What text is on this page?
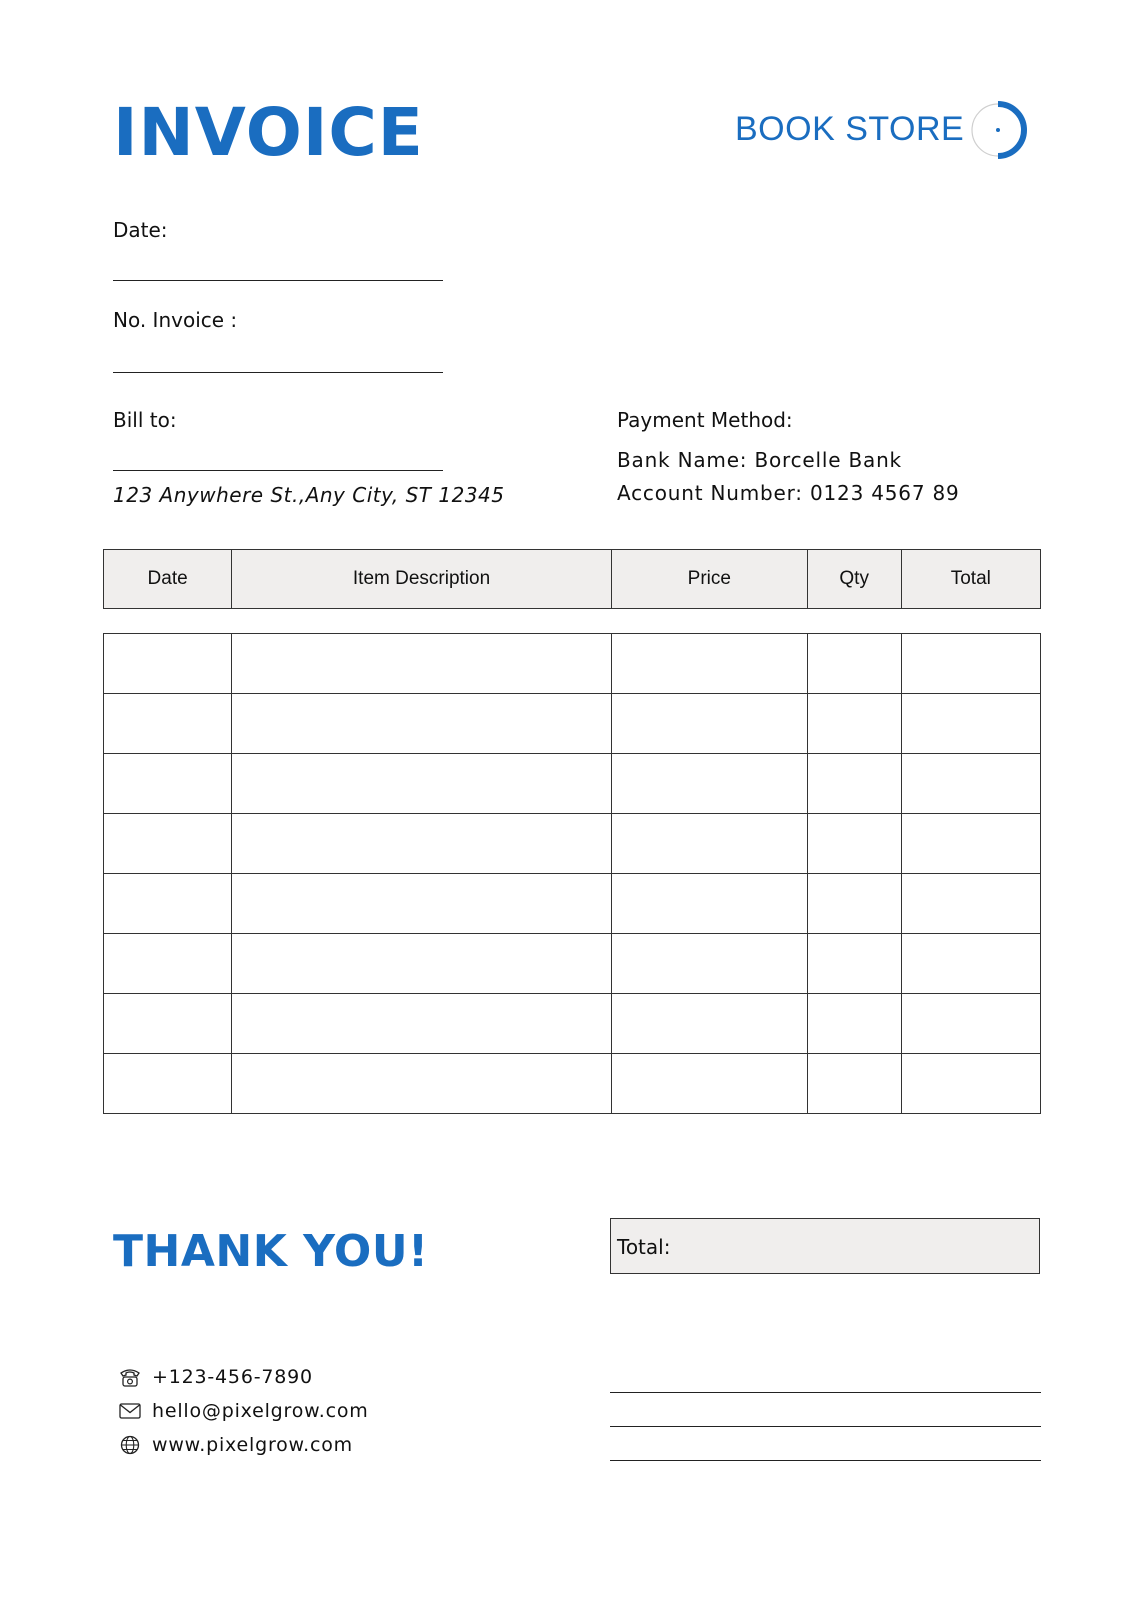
INVOICE	BOOK STORE
Date:
No. Invoice :
Bill to:
123 Anywhere St.,Any City, ST 12345
Payment Method:
Bank Name: Borcelle Bank
Account Number: 0123 4567 89
Date	Item Description	Price	Qty	Total

THANK YOU!	Total:
+123-456-7890
hello@pixelgrow.com
www.pixelgrow.com
